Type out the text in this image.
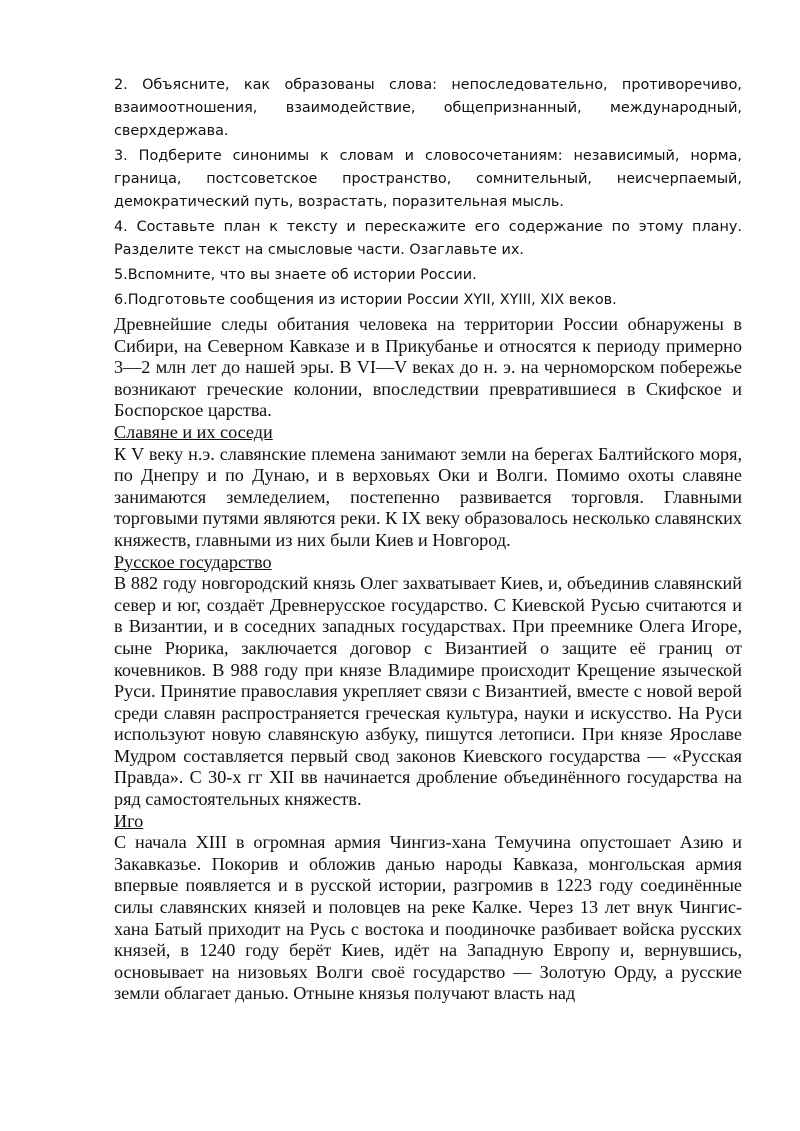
2. Объясните, как образованы слова: непоследовательно, противоречиво, взаимоотношения, взаимодействие, общепризнанный, международный, сверхдержава.

3. Подберите синонимы к словам и словосочетаниям: независимый, норма, граница, постсоветское пространство, сомнительный, неисчерпаемый, демократический путь, возрастать, поразительная мысль.

4. Составьте план к тексту и перескажите его содержание по этому плану. Разделите текст на смысловые части. Озаглавьте их.

5.Вспомните, что вы знаете об истории России.

6.Подготовьте сообщения из истории России XYII, XYIII, XIX веков.

Древнейшие следы обитания человека на территории России обнаружены в Сибири, на Северном Кавказе и в Прикубанье и относятся к периоду примерно 3—2 млн лет до нашей эры. В VI—V веках до н. э. на черноморском побережье возникают греческие колонии, впоследствии превратившиеся в Скифское и Боспорское царства.

Славяне и их соседи

К V веку н.э. славянские племена занимают земли на берегах Балтийского моря, по Днепру и по Дунаю, и в верховьях Оки и Волги. Помимо охоты славяне занимаются земледелием, постепенно развивается торговля. Главными торговыми путями являются реки. К IX веку образовалось несколько славянских княжеств, главными из них были Киев и Новгород.

Русское государство

В 882 году новгородский князь Олег захватывает Киев, и, объединив славянский север и юг, создаёт Древнерусское государство. С Киевской Русью считаются и в Византии, и в соседних западных государствах. При преемнике Олега Игоре, сыне Рюрика, заключается договор с Византией о защите её границ от кочевников. В 988 году при князе Владимире происходит Крещение языческой Руси. Принятие православия укрепляет связи с Византией, вместе с новой верой среди славян распространяется греческая культура, науки и искусство. На Руси используют новую славянскую азбуку, пишутся летописи. При князе Ярославе Мудром составляется первый свод законов Киевского государства — «Русская Правда». С 30-х гг XII вв начинается дробление объединённого государства на ряд самостоятельных княжеств.

Иго

С начала XIII в огромная армия Чингиз-хана Темучина опустошает Азию и Закавказье. Покорив и обложив данью народы Кавказа, монгольская армия впервые появляется и в русской истории, разгромив в 1223 году соединённые силы славянских князей и половцев на реке Калке. Через 13 лет внук Чингис-хана Батый приходит на Русь с востока и поодиночке разбивает войска русских князей, в 1240 году берёт Киев, идёт на Западную Европу и, вернувшись, основывает на низовьях Волги своё государство — Золотую Орду, а русские земли облагает данью. Отныне князья получают власть над
